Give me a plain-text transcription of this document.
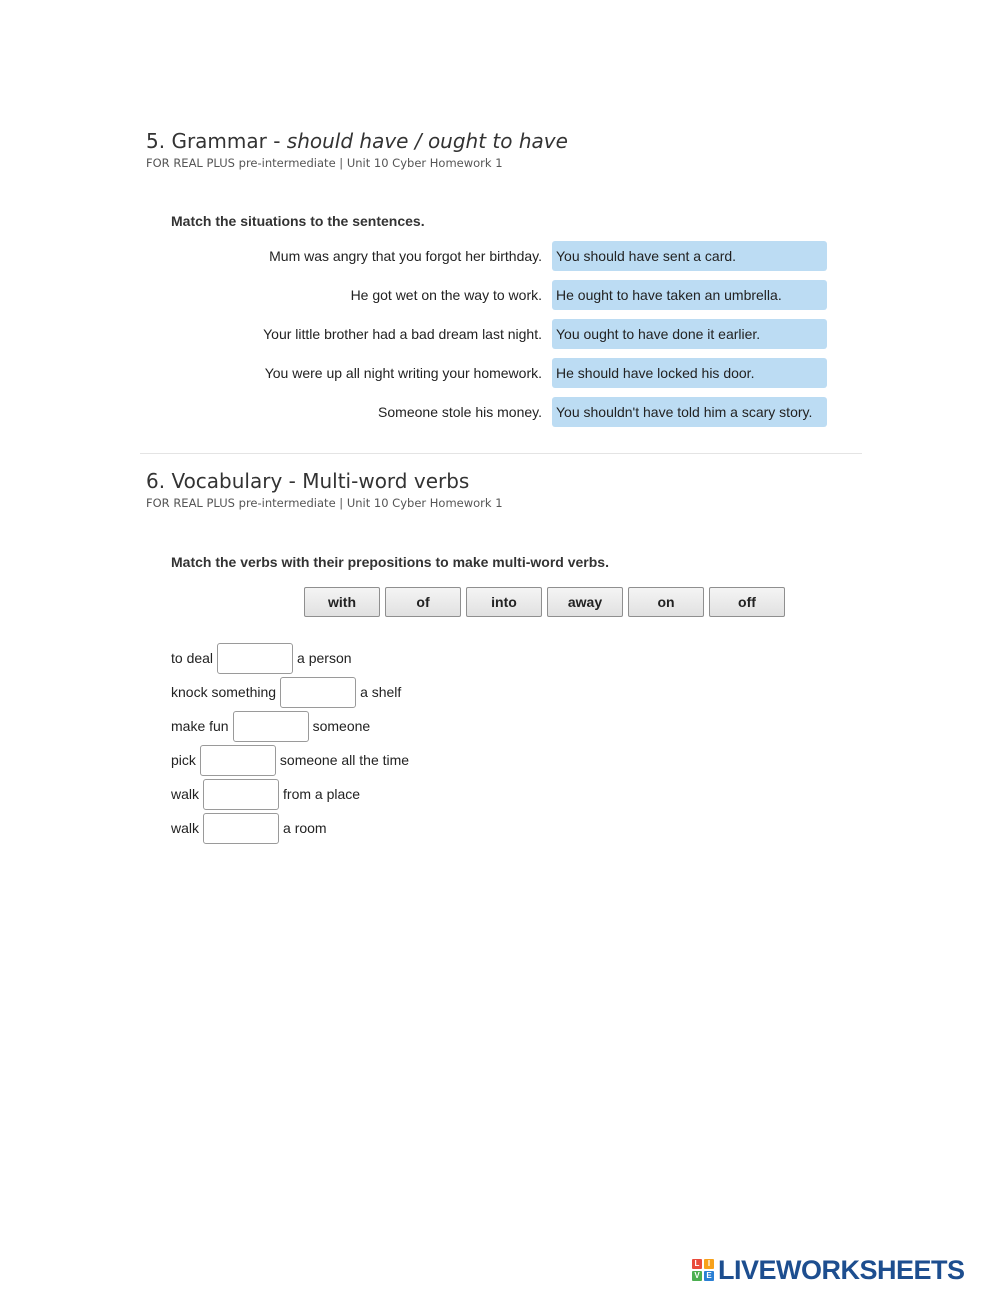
5. Grammar - should have / ought to have
FOR REAL PLUS pre-intermediate | Unit 10 Cyber Homework 1
Match the situations to the sentences.
Mum was angry that you forgot her birthday. You should have sent a card.
He got wet on the way to work. He ought to have taken an umbrella.
Your little brother had a bad dream last night. You ought to have done it earlier.
You were up all night writing your homework. He should have locked his door.
Someone stole his money. You shouldn't have told him a scary story.
6. Vocabulary - Multi-word verbs
FOR REAL PLUS pre-intermediate | Unit 10 Cyber Homework 1
Match the verbs with their prepositions to make multi-word verbs.
with	of	into	away	on	off
to deal	a person
knock something	a shelf
make fun	someone
pick	someone all the time
walk	from a place
walk	a room
L	I
V E LIVEWORKSHEETS
